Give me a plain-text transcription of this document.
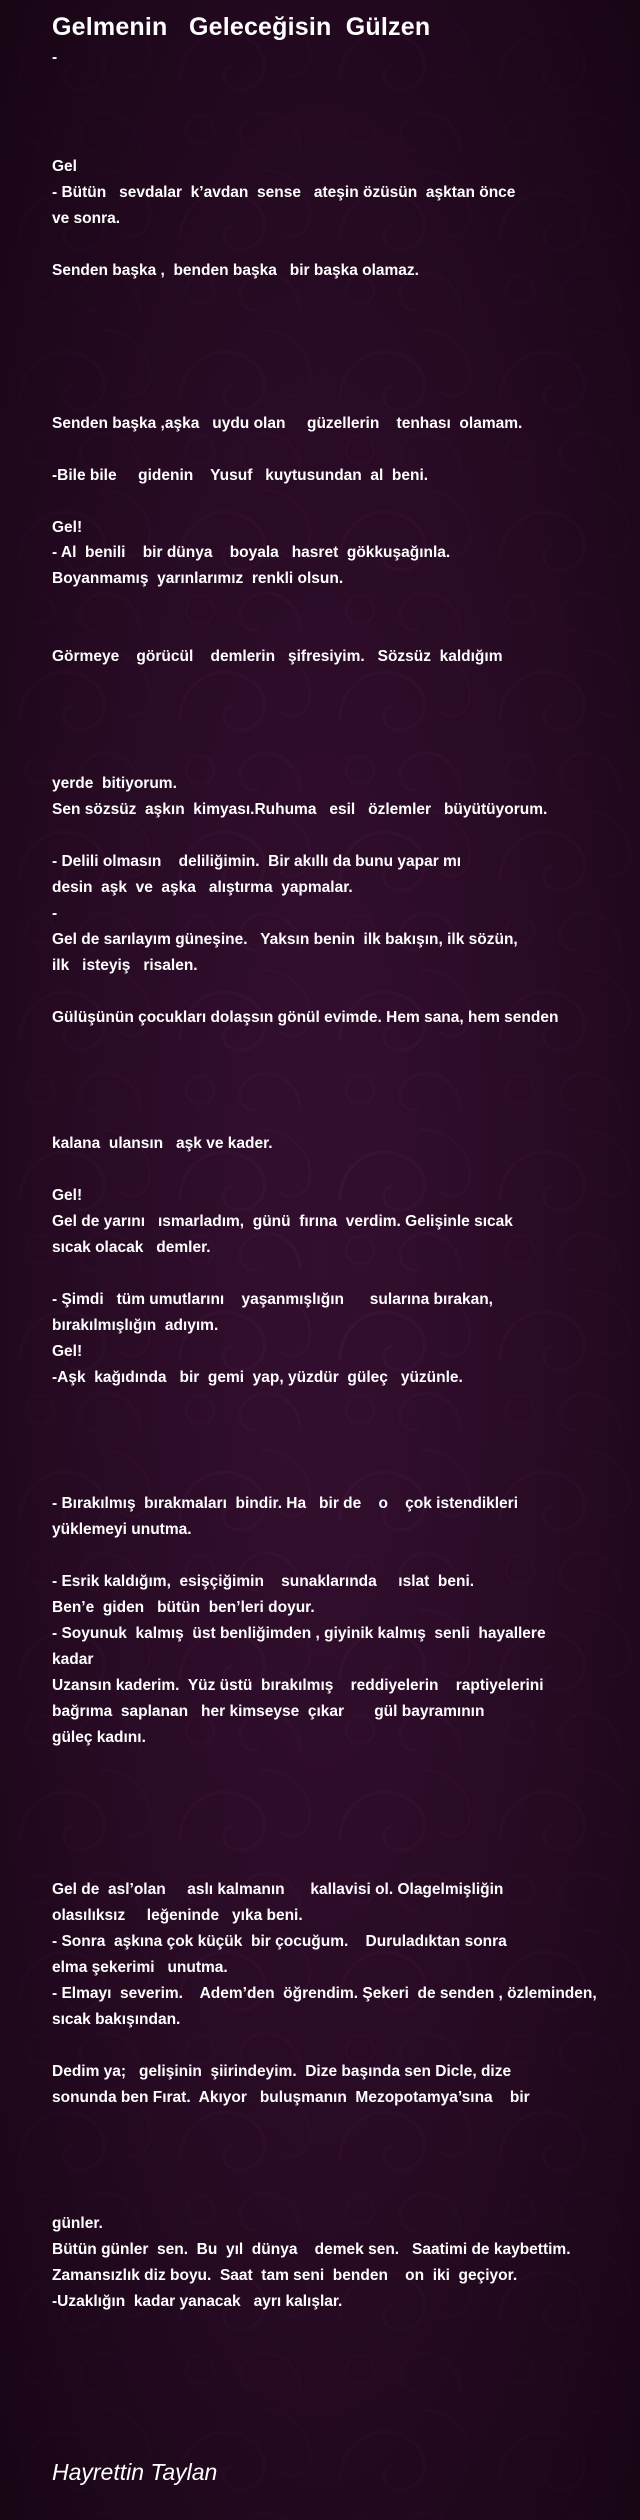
Gelmenin   Geleceğisin  Gülzen
-
Gel
- Bütün   sevdalar  k’avdan  sense   ateşin özüsün  aşktan önce
ve sonra.
Senden başka ,  benden başka   bir başka olamaz.
Senden başka ,aşka   uydu olan     güzellerin    tenhası  olamam.
-Bile bile     gidenin    Yusuf   kuytusundan  al  beni.
Gel!
- Al  benili    bir dünya    boyala   hasret  gökkuşağınla.
Boyanmamış  yarınlarımız  renkli olsun.
Görmeye    görücül    demlerin   şifresiyim.   Sözsüz  kaldığım
yerde  bitiyorum.
Sen sözsüz  aşkın  kimyası.Ruhuma   esil   özlemler   büyütüyorum.
- Delili olmasın    deliliğimin.  Bir akıllı da bunu yapar mı
desin  aşk  ve  aşka   alıştırma  yapmalar.
-
Gel de sarılayım güneşine.   Yaksın benin  ilk bakışın, ilk sözün,
ilk   isteyiş   risalen.
Gülüşünün çocukları dolaşsın gönül evimde. Hem sana, hem senden
kalana  ulansın   aşk ve kader.
Gel!
Gel de yarını   ısmarladım,  günü  fırına  verdim. Gelişinle sıcak
sıcak olacak   demler.
- Şimdi   tüm umutlarını    yaşanmışlığın      sularına bırakan,
bırakılmışlığın  adıyım.
Gel!
-Aşk  kağıdında   bir  gemi  yap, yüzdür  güleç   yüzünle.
- Bırakılmış  bırakmaları  bindir. Ha   bir de    o    çok istendikleri
yüklemeyi unutma.
- Esrik kaldığım,  esişçiğimin    sunaklarında     ıslat  beni.
Ben’e  giden   bütün  ben’leri doyur.
- Soyunuk  kalmış  üst benliğimden , giyinik kalmış  senli  hayallere
kadar
Uzansın kaderim.  Yüz üstü  bırakılmış    reddiyelerin    raptiyelerini
bağrıma  saplanan   her kimseyse  çıkar       gül bayramının
güleç kadını.
Gel de  asl’olan     aslı kalmanın      kallavisi ol. Olagelmişliğin
olasılıksız     leğeninde   yıka beni.
- Sonra  aşkına çok küçük  bir çocuğum.    Duruladıktan sonra
elma şekerimi   unutma.
- Elmayı  severim.    Adem’den  öğrendim. Şekeri  de senden , özleminden,
sıcak bakışından.
Dedim ya;   gelişinin  şiirindeyim.  Dize başında sen Dicle, dize
sonunda ben Fırat.  Akıyor   buluşmanın  Mezopotamya’sına    bir
günler.
Bütün günler  sen.  Bu  yıl  dünya    demek sen.   Saatimi de kaybettim.
Zamansızlık diz boyu.  Saat  tam seni  benden    on  iki  geçiyor.
-Uzaklığın  kadar yanacak   ayrı kalışlar.
Hayrettin Taylan
